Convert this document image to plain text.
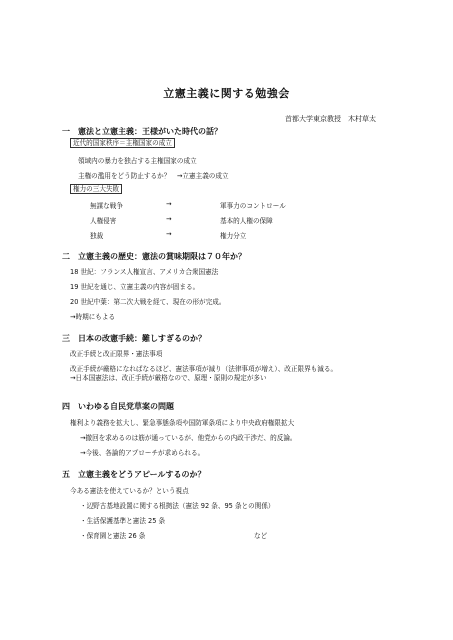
立憲主義に関する勉強会
首都大学東京教授　木村草太
一　憲法と立憲主義：王様がいた時代の話？
近代的国家秩序＝主権国家の成立
領域内の暴力を独占する主権国家の成立
主権の濫用をどう防止するか？　→立憲主義の成立
権力の三大失敗
無謀な戦争	→	軍事力のコントロール
人権侵害	→	基本的人権の保障
独裁	→	権力分立
二　立憲主義の歴史：憲法の賞味期限は７０年か？
18 世紀：フランス人権宣言、アメリカ合衆国憲法
19 世紀を通じ、立憲主義の内容が固まる。
20 世紀中葉：第二次大戦を経て、現在の形が完成。
→時期にもよる
三　日本の改憲手続：難しすぎるのか？
改正手続と改正限界・憲法事項
改正手続が厳格になればなるほど、憲法事項が減り（法律事項が増え）、改正限界も減る。
→日本国憲法は、改正手続が厳格なので、原理・原則の規定が多い
四　いわゆる自民党草案の問題
権利より義務を拡大し、緊急事態条項や国防軍条項により中央政府権限拡大
→撤回を求めるのは筋が通っているが、他党からの内政干渉だ、的反論。
→今後、各論的アプローチが求められる。
五　立憲主義をどうアピールするのか？
今ある憲法を使えているか？という視点
・辺野古基地設置に関する根拠法（憲法 92 条、95 条との関係）
・生活保護基準と憲法 25 条
・保育園と憲法 26 条	など
